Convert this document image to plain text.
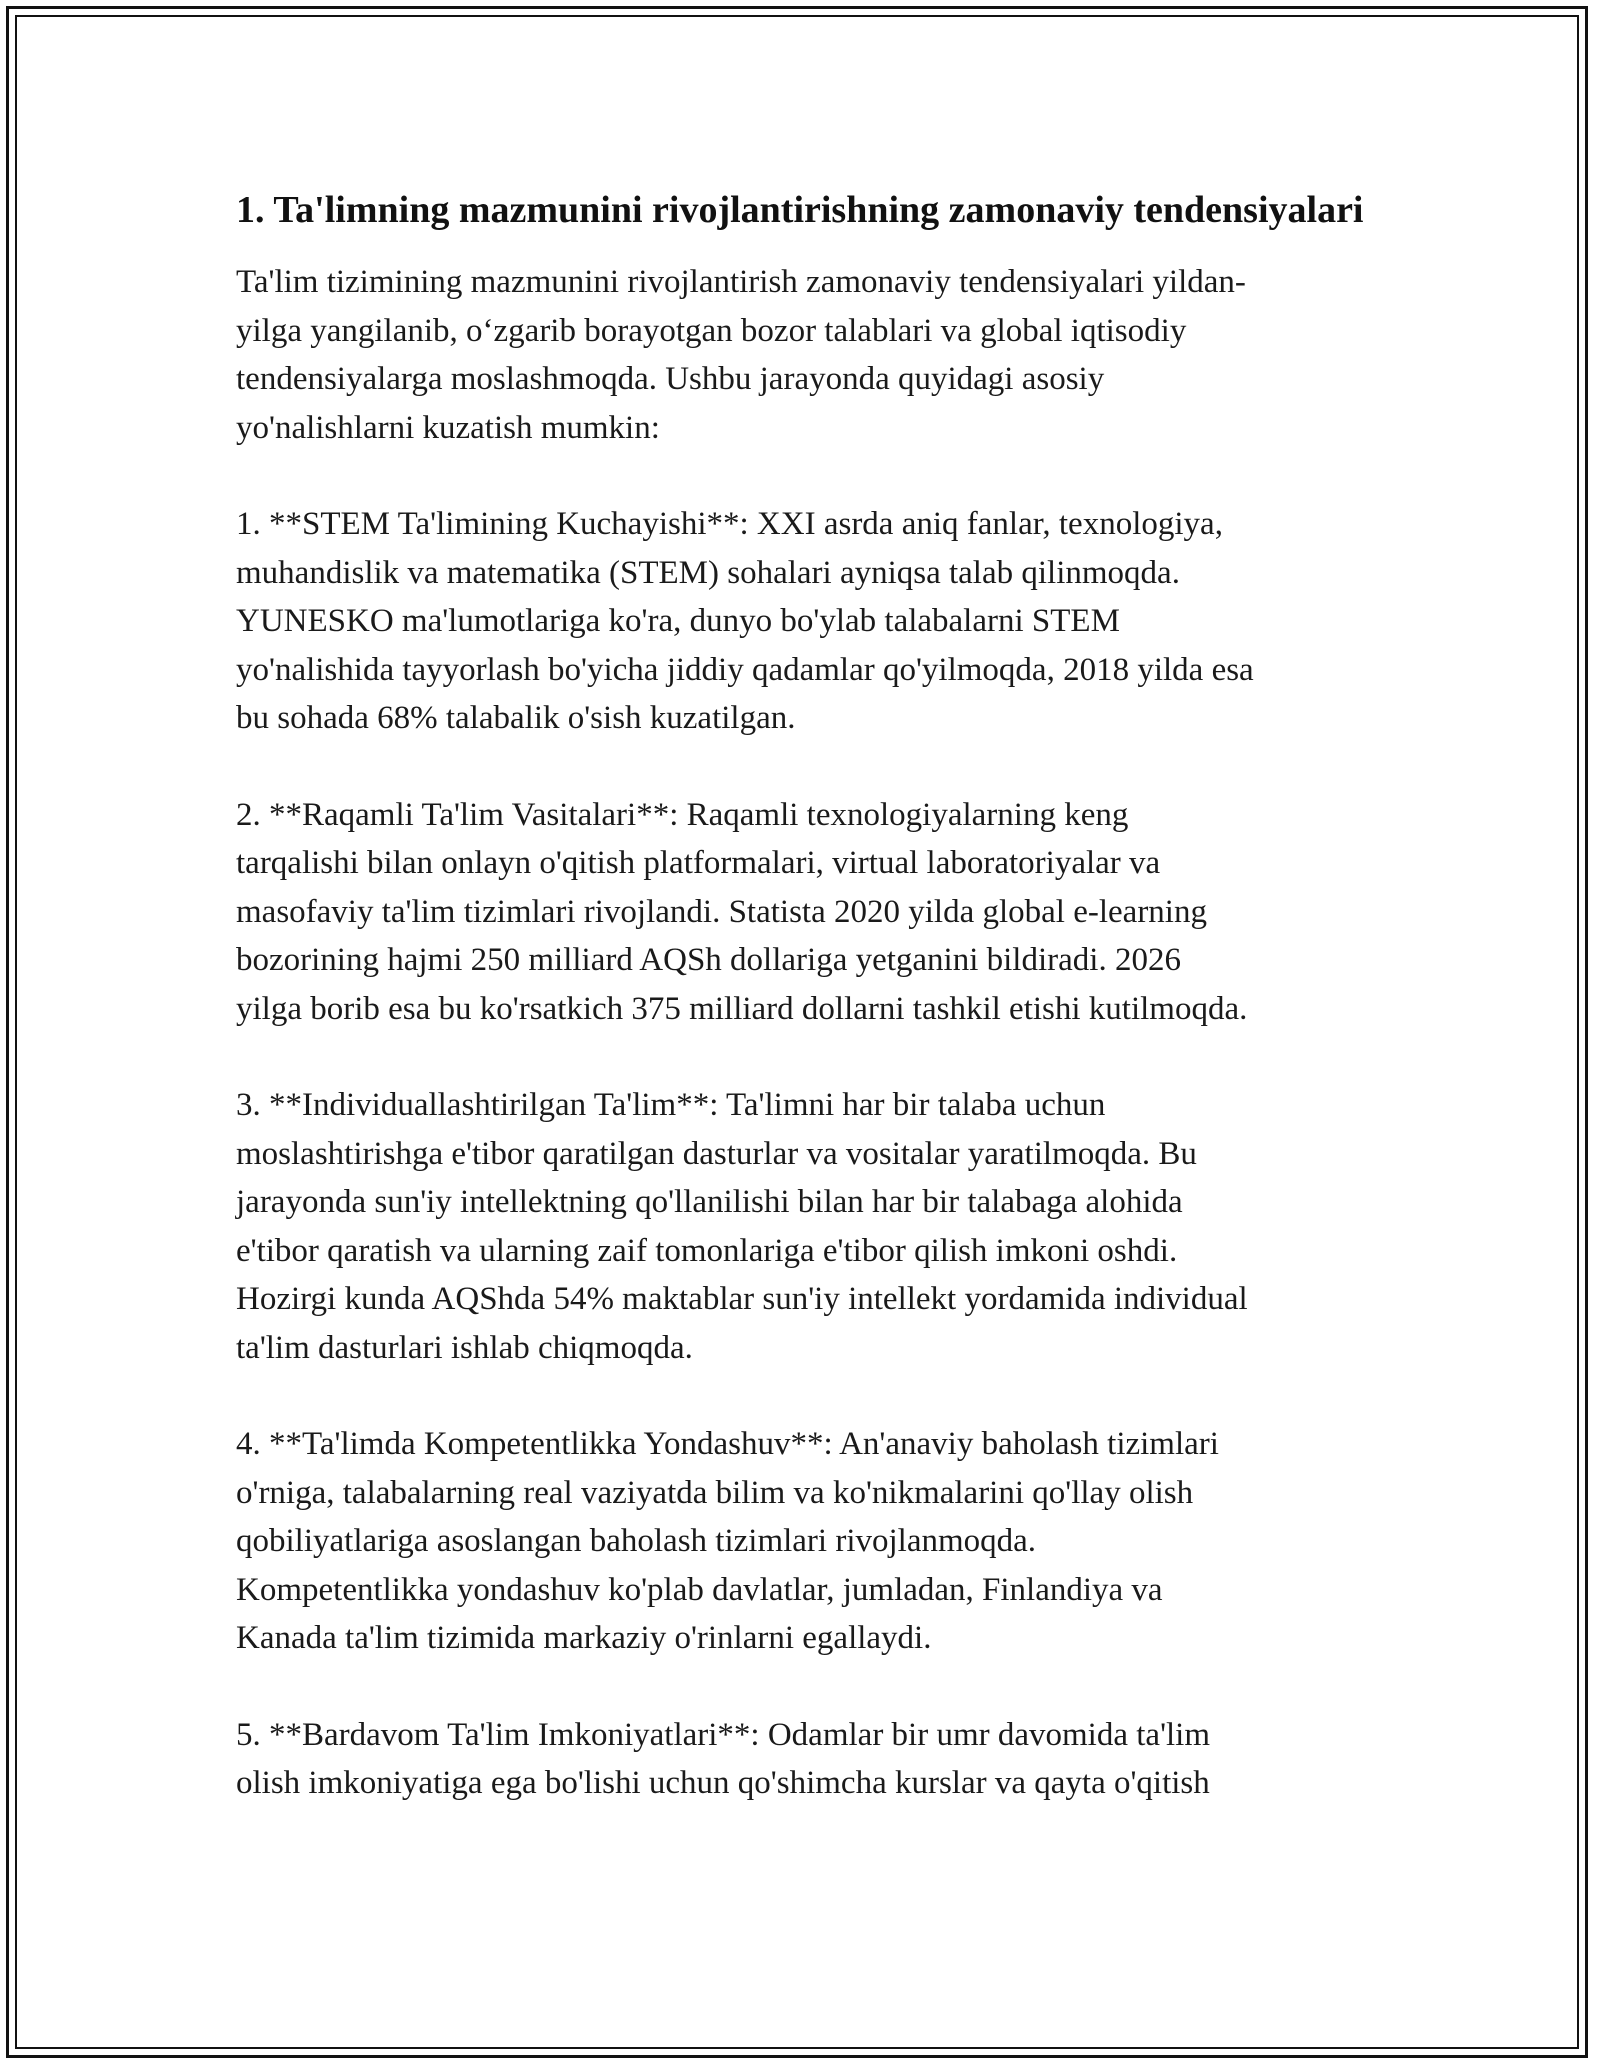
1. Ta'limning mazmunini rivojlantirishning zamonaviy tendensiyalari
Ta'lim tizimining mazmunini rivojlantirish zamonaviy tendensiyalari yildan-
yilga yangilanib, o‘zgarib borayotgan bozor talablari va global iqtisodiy
tendensiyalarga moslashmoqda. Ushbu jarayonda quyidagi asosiy
yo'nalishlarni kuzatish mumkin:
1. **STEM Ta'limining Kuchayishi**: XXI asrda aniq fanlar, texnologiya,
muhandislik va matematika (STEM) sohalari ayniqsa talab qilinmoqda.
YUNESKO ma'lumotlariga ko'ra, dunyo bo'ylab talabalarni STEM
yo'nalishida tayyorlash bo'yicha jiddiy qadamlar qo'yilmoqda, 2018 yilda esa
bu sohada 68% talabalik o'sish kuzatilgan.
2. **Raqamli Ta'lim Vasitalari**: Raqamli texnologiyalarning keng
tarqalishi bilan onlayn o'qitish platformalari, virtual laboratoriyalar va
masofaviy ta'lim tizimlari rivojlandi. Statista 2020 yilda global e-learning
bozorining hajmi 250 milliard AQSh dollariga yetganini bildiradi. 2026
yilga borib esa bu ko'rsatkich 375 milliard dollarni tashkil etishi kutilmoqda.
3. **Individuallashtirilgan Ta'lim**: Ta'limni har bir talaba uchun
moslashtirishga e'tibor qaratilgan dasturlar va vositalar yaratilmoqda. Bu
jarayonda sun'iy intellektning qo'llanilishi bilan har bir talabaga alohida
e'tibor qaratish va ularning zaif tomonlariga e'tibor qilish imkoni oshdi.
Hozirgi kunda AQShda 54% maktablar sun'iy intellekt yordamida individual
ta'lim dasturlari ishlab chiqmoqda.
4. **Ta'limda Kompetentlikka Yondashuv**: An'anaviy baholash tizimlari
o'rniga, talabalarning real vaziyatda bilim va ko'nikmalarini qo'llay olish
qobiliyatlariga asoslangan baholash tizimlari rivojlanmoqda.
Kompetentlikka yondashuv ko'plab davlatlar, jumladan, Finlandiya va
Kanada ta'lim tizimida markaziy o'rinlarni egallaydi.
5. **Bardavom Ta'lim Imkoniyatlari**: Odamlar bir umr davomida ta'lim
olish imkoniyatiga ega bo'lishi uchun qo'shimcha kurslar va qayta o'qitish
